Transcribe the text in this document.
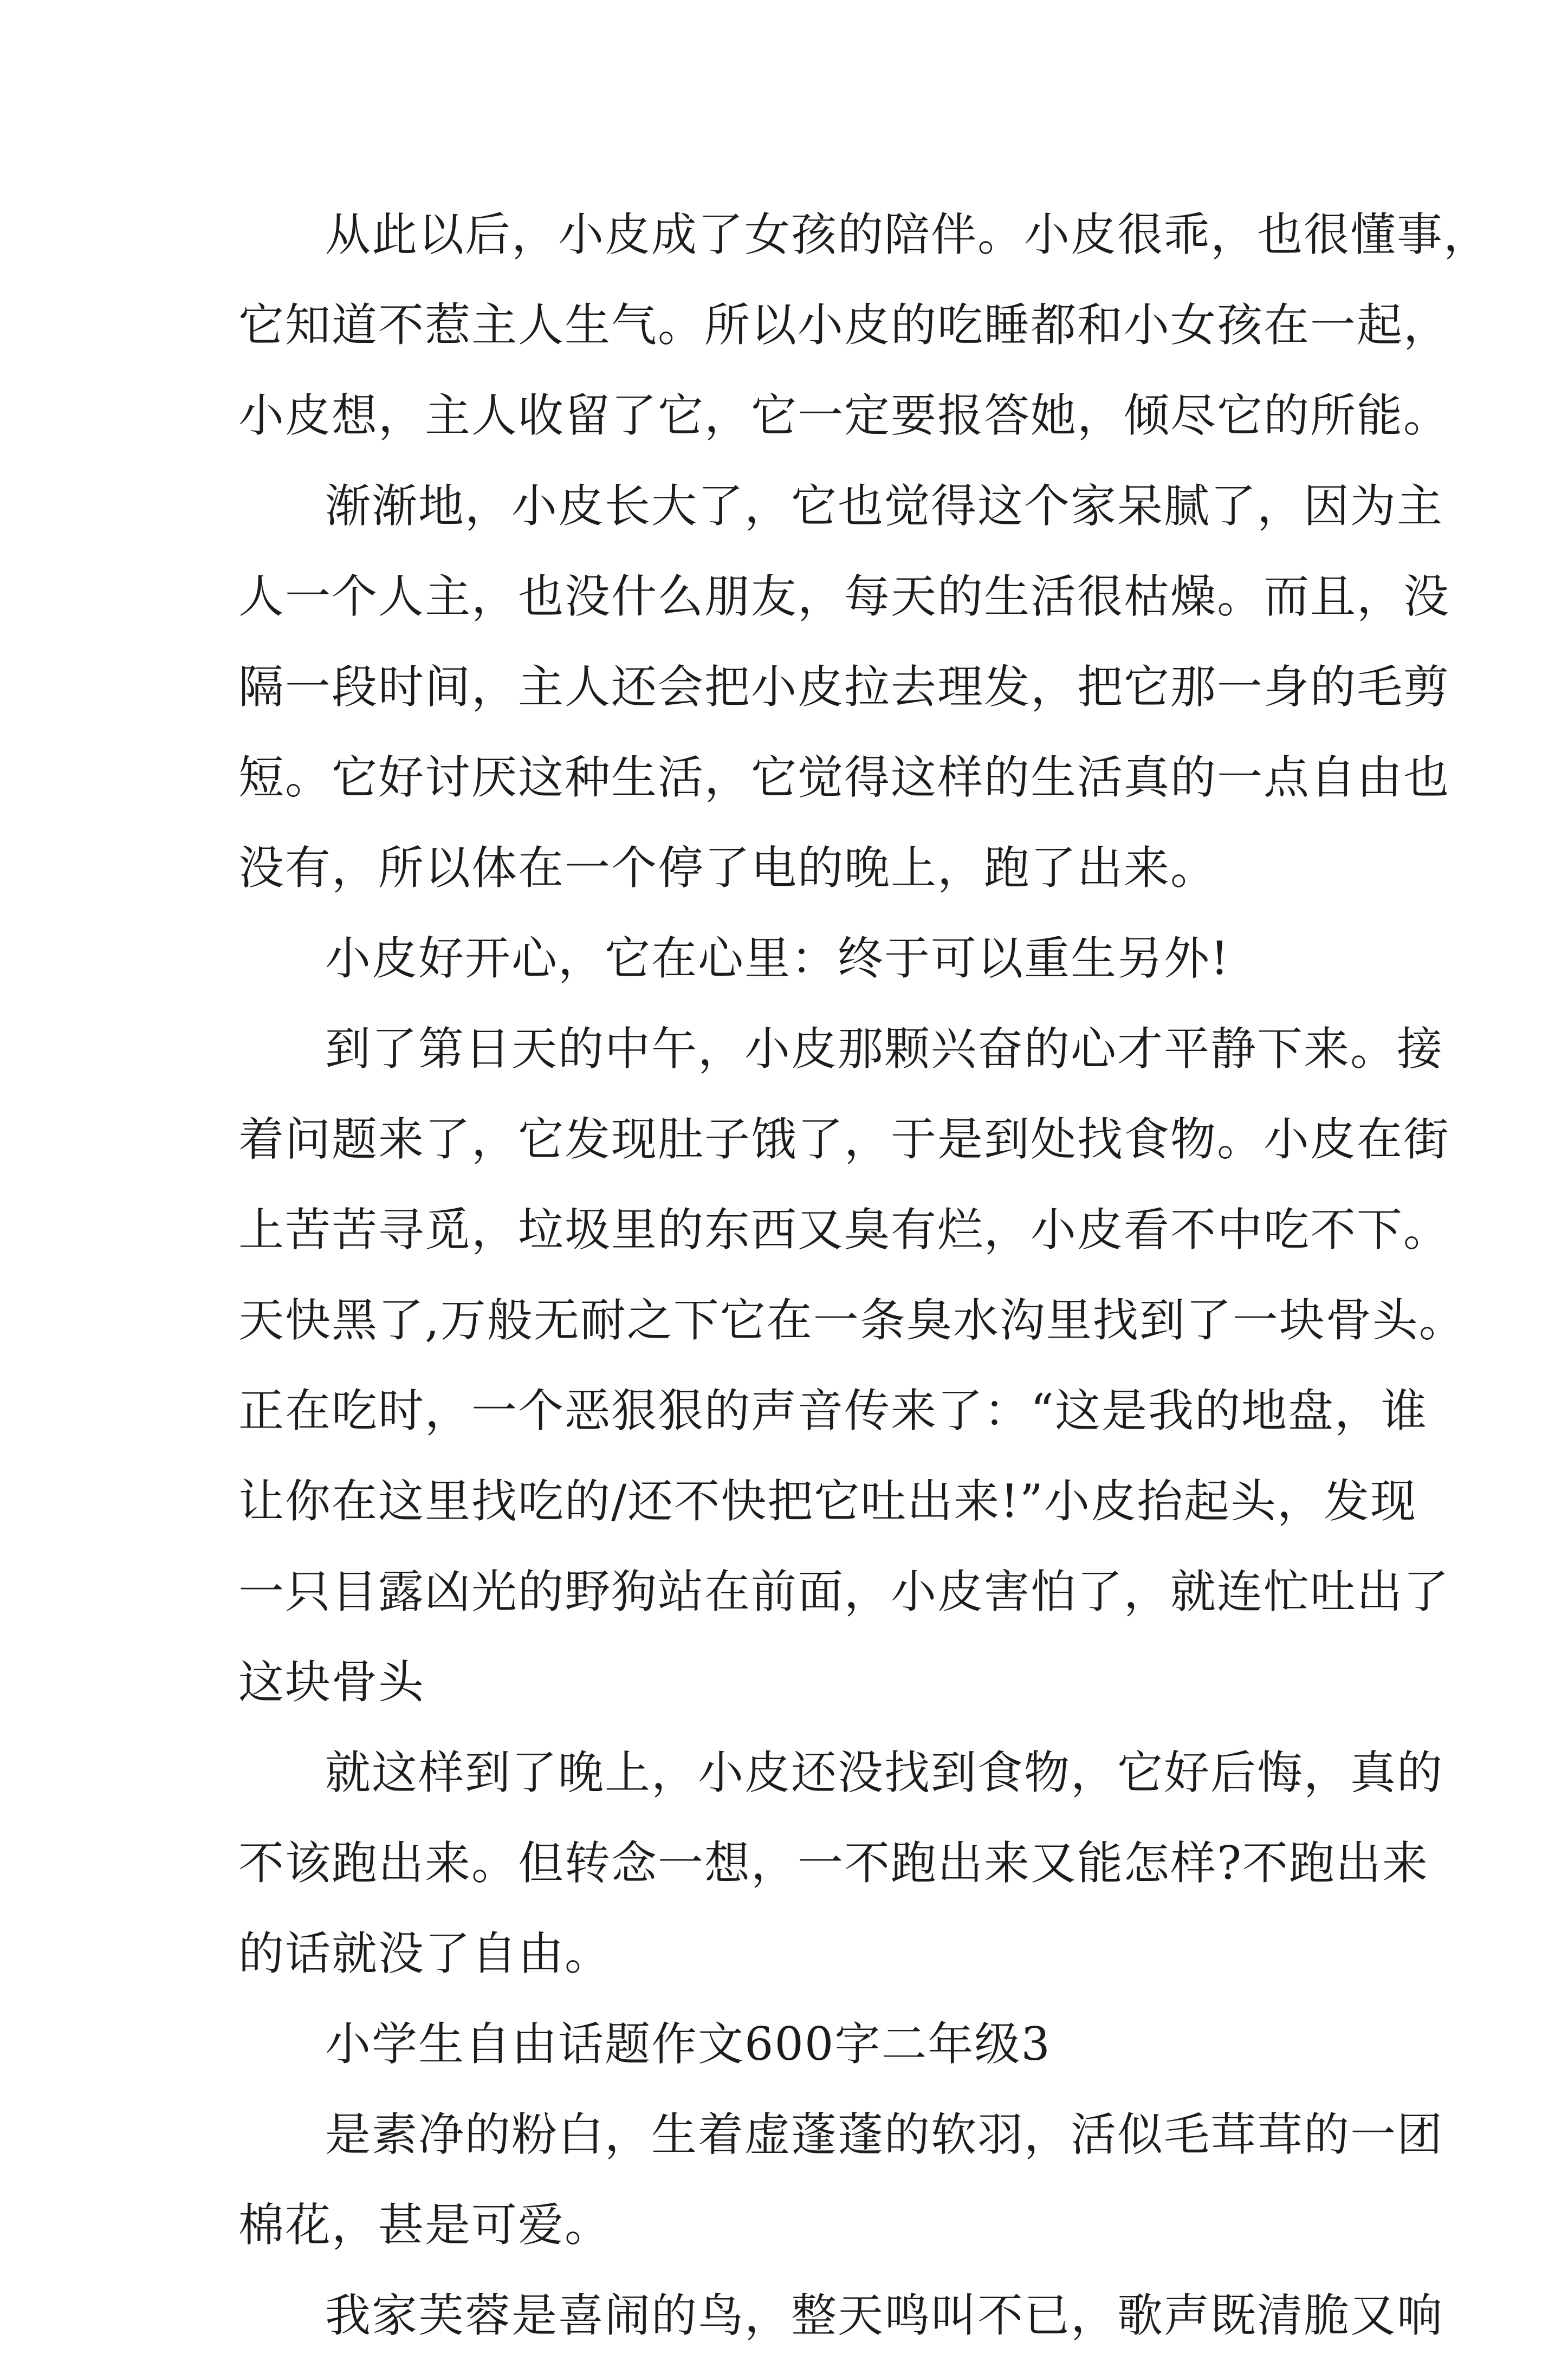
从此以后，小皮成了女孩的陪伴。小皮很乖，也很懂事，
它知道不惹主人生气。所以小皮的吃睡都和小女孩在一起，
小皮想，主人收留了它，它一定要报答她，倾尽它的所能。
渐渐地，小皮长大了，它也觉得这个家呆腻了，因为主
人一个人主，也没什么朋友，每天的生活很枯燥。而且，没
隔一段时间，主人还会把小皮拉去理发，把它那一身的毛剪
短。它好讨厌这种生活，它觉得这样的生活真的一点自由也
没有，所以体在一个停了电的晚上，跑了出来。
小皮好开心，它在心里：终于可以重生另外!
到了第日天的中午，小皮那颗兴奋的心才平静下来。接
着问题来了，它发现肚子饿了，于是到处找食物。小皮在街
上苦苦寻觅，垃圾里的东西又臭有烂，小皮看不中吃不下。
天快黑了,万般无耐之下它在一条臭水沟里找到了一块骨头。
正在吃时，一个恶狠狠的声音传来了：“这是我的地盘，谁
让你在这里找吃的/还不快把它吐出来!”小皮抬起头，发现
一只目露凶光的野狗站在前面，小皮害怕了，就连忙吐出了
这块骨头
就这样到了晚上，小皮还没找到食物，它好后悔，真的
不该跑出来。但转念一想，一不跑出来又能怎样?不跑出来
的话就没了自由。
小学生自由话题作文600字二年级3
是素净的粉白，生着虚蓬蓬的软羽，活似毛茸茸的一团
棉花，甚是可爱。
我家芙蓉是喜闹的鸟，整天鸣叫不已，歌声既清脆又响
